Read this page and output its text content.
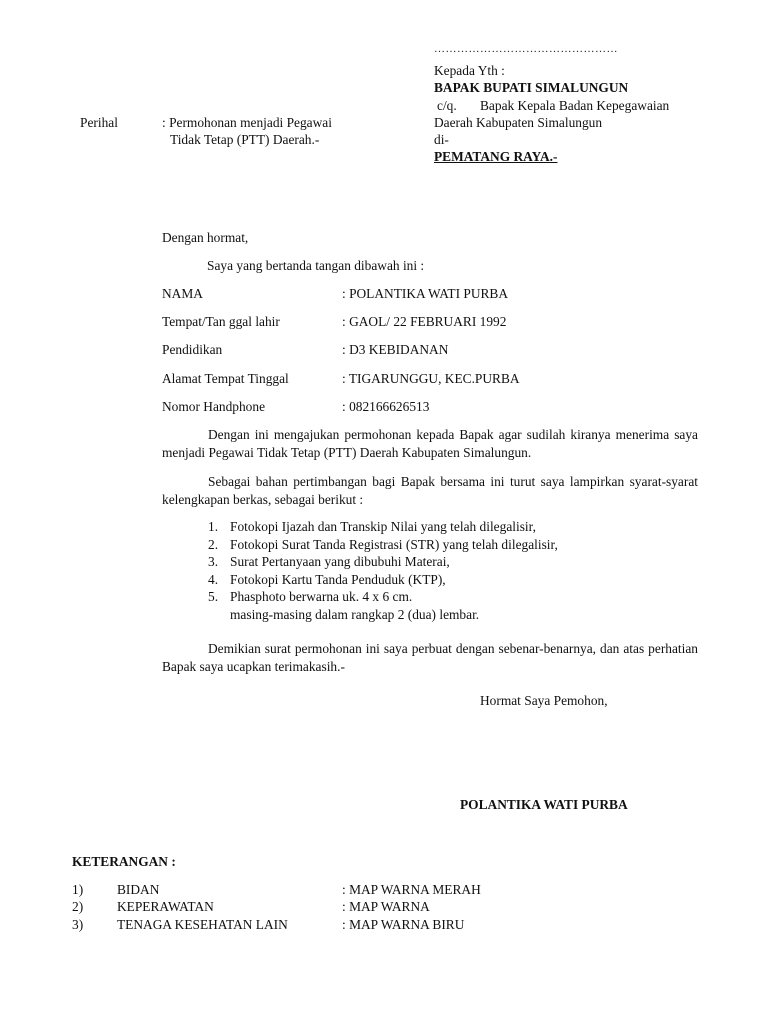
…………………………………………
Kepada Yth :
BAPAK BUPATI SIMALUNGUN
c/q. Bapak Kepala Badan Kepegawaian
Daerah Kabupaten Simalungun
di-
PEMATANG RAYA.-
Perihal	: Permohonan menjadi Pegawai
Tidak Tetap (PTT) Daerah.-
Dengan hormat,
Saya yang bertanda tangan dibawah ini :
NAMA	: POLANTIKA WATI PURBA
Tempat/Tan ggal lahir	: GAOL/ 22 FEBRUARI 1992
Pendidikan	: D3 KEBIDANAN
Alamat Tempat Tinggal	: TIGARUNGGU, KEC.PURBA
Nomor Handphone	: 082166626513
Dengan ini mengajukan permohonan kepada Bapak agar sudilah kiranya menerima saya menjadi Pegawai Tidak Tetap (PTT) Daerah Kabupaten Simalungun.
Sebagai bahan pertimbangan bagi Bapak bersama ini turut saya lampirkan syarat-syarat kelengkapan berkas, sebagai berikut :
1. Fotokopi Ijazah dan Transkip Nilai yang telah dilegalisir,
2. Fotokopi Surat Tanda Registrasi (STR) yang telah dilegalisir,
3. Surat Pertanyaan yang dibubuhi Materai,
4. Fotokopi Kartu Tanda Penduduk (KTP),
5. Phasphoto berwarna uk. 4 x 6 cm.
masing-masing dalam rangkap 2 (dua) lembar.
Demikian surat permohonan ini saya perbuat dengan sebenar-benarnya, dan atas perhatian Bapak saya ucapkan terimakasih.-
Hormat Saya Pemohon,
POLANTIKA WATI PURBA
KETERANGAN :
1)	BIDAN	: MAP WARNA MERAH
2)	KEPERAWATAN	: MAP WARNA
3)	TENAGA KESEHATAN LAIN	: MAP WARNA BIRU
